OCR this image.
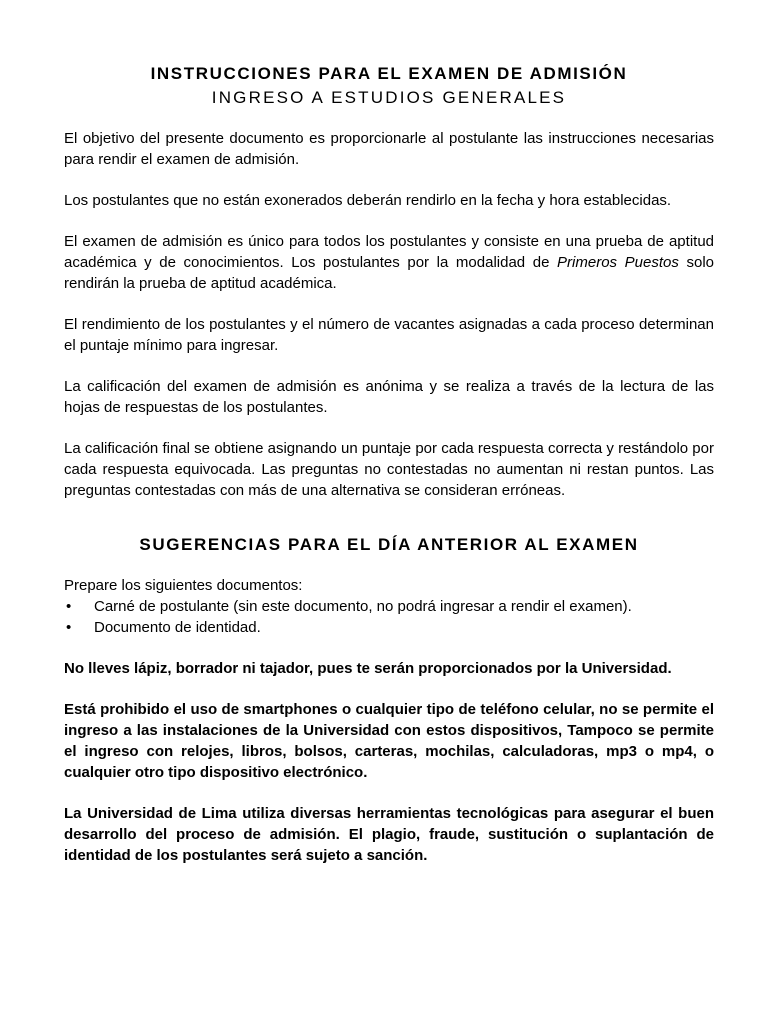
INSTRUCCIONES PARA EL EXAMEN DE ADMISIÓN
INGRESO A ESTUDIOS GENERALES

El objetivo del presente documento es proporcionarle al postulante las instrucciones necesarias para rendir el examen de admisión.

Los postulantes que no están exonerados deberán rendirlo en la fecha y hora establecidas.

El examen de admisión es único para todos los postulantes y consiste en una prueba de aptitud académica y de conocimientos. Los postulantes por la modalidad de Primeros Puestos solo rendirán la prueba de aptitud académica.

El rendimiento de los postulantes y el número de vacantes asignadas a cada proceso determinan el puntaje mínimo para ingresar.

La calificación del examen de admisión es anónima y se realiza a través de la lectura de las hojas de respuestas de los postulantes.

La calificación final se obtiene asignando un puntaje por cada respuesta correcta y restándolo por cada respuesta equivocada. Las preguntas no contestadas no aumentan ni restan puntos. Las preguntas contestadas con más de una alternativa se consideran erróneas.

SUGERENCIAS PARA EL DÍA ANTERIOR AL EXAMEN

Prepare los siguientes documentos:

• Carné de postulante (sin este documento, no podrá ingresar a rendir el examen).
• Documento de identidad.

No lleves lápiz, borrador ni tajador, pues te serán proporcionados por la Universidad.

Está prohibido el uso de smartphones o cualquier tipo de teléfono celular, no se permite el ingreso a las instalaciones de la Universidad con estos dispositivos, Tampoco se permite el ingreso con relojes, libros, bolsos, carteras, mochilas, calculadoras, mp3 o mp4, o cualquier otro tipo dispositivo electrónico.

La Universidad de Lima utiliza diversas herramientas tecnológicas para asegurar el buen desarrollo del proceso de admisión. El plagio, fraude, sustitución o suplantación de identidad de los postulantes será sujeto a sanción.
